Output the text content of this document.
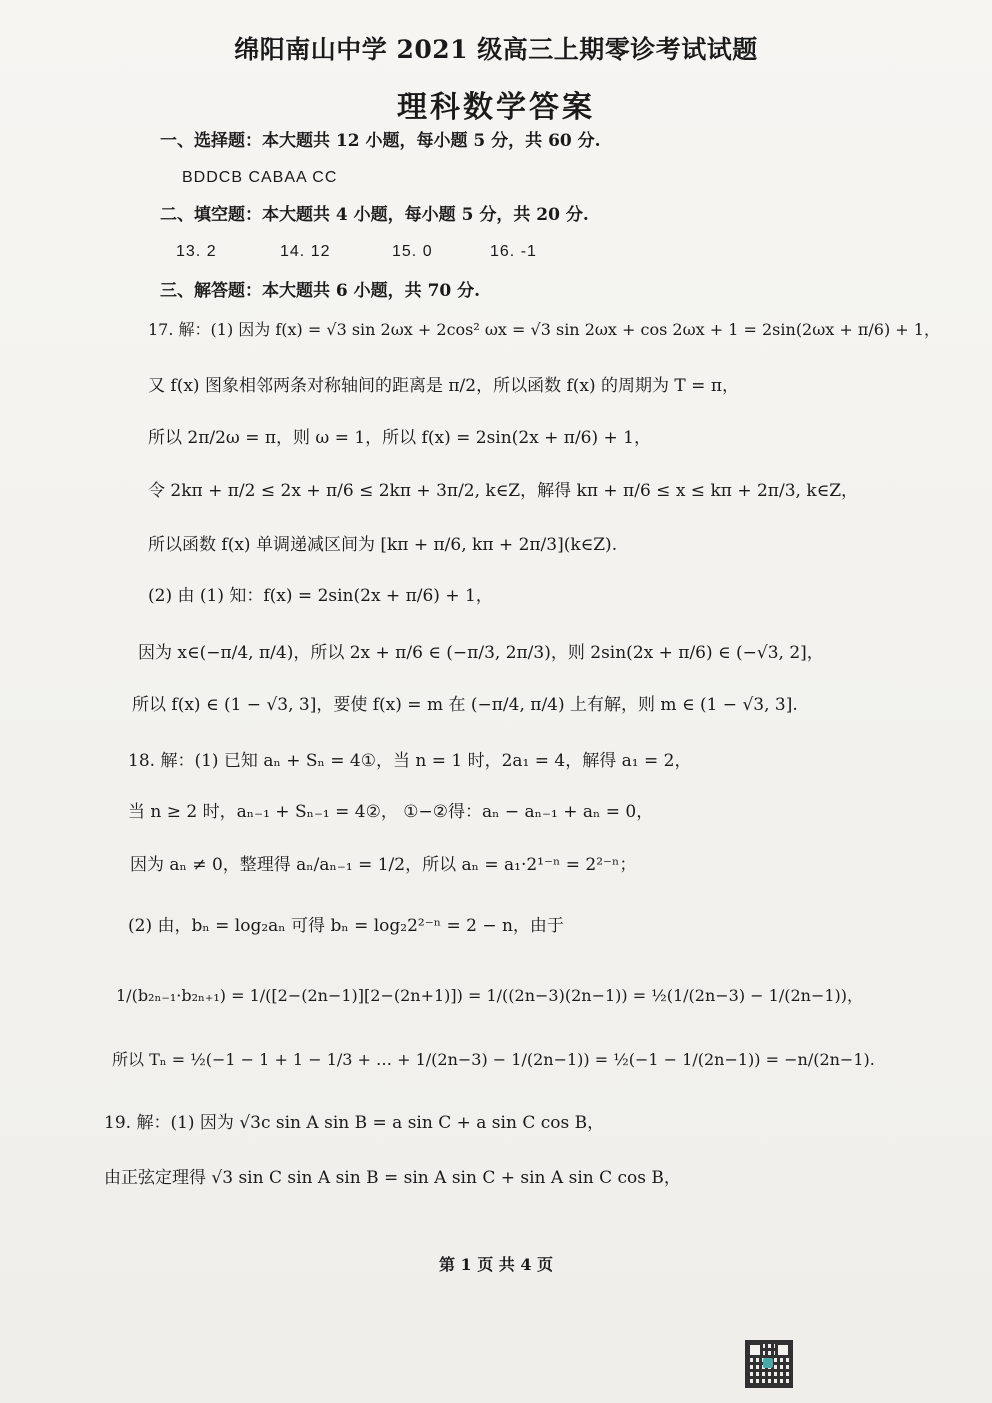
绵阳南山中学 2021 级高三上期零诊考试试题
理科数学答案
一、选择题：本大题共 12 小题，每小题 5 分，共 60 分.
BDDCB CABAA CC
二、填空题：本大题共 4 小题，每小题 5 分，共 20 分.
13. 2	14. 12	15. 0	16. -1
三、解答题：本大题共 6 小题，共 70 分.
17. 解：(1) 因为 f(x) = √3 sin 2ωx + 2cos² ωx = √3 sin 2ωx + cos 2ωx + 1 = 2sin(2ωx + π/6) + 1，
又 f(x) 图象相邻两条对称轴间的距离是 π/2，所以函数 f(x) 的周期为 T = π，
所以 2π/2ω = π，则 ω = 1，所以 f(x) = 2sin(2x + π/6) + 1，
令 2kπ + π/2 ≤ 2x + π/6 ≤ 2kπ + 3π/2, k∈Z，解得 kπ + π/6 ≤ x ≤ kπ + 2π/3, k∈Z，
所以函数 f(x) 单调递减区间为 [kπ + π/6, kπ + 2π/3](k∈Z).
(2) 由 (1) 知：f(x) = 2sin(2x + π/6) + 1，
因为 x∈(−π/4, π/4)，所以 2x + π/6 ∈ (−π/3, 2π/3)，则 2sin(2x + π/6) ∈ (−√3, 2]，
所以 f(x) ∈ (1 − √3, 3]，要使 f(x) = m 在 (−π/4, π/4) 上有解，则 m ∈ (1 − √3, 3].
18. 解：(1) 已知 aₙ + Sₙ = 4①，当 n = 1 时，2a₁ = 4，解得 a₁ = 2，
当 n ≥ 2 时，aₙ₋₁ + Sₙ₋₁ = 4②， ①−②得：aₙ − aₙ₋₁ + aₙ = 0，
因为 aₙ ≠ 0，整理得 aₙ/aₙ₋₁ = 1/2，所以 aₙ = a₁·2¹⁻ⁿ = 2²⁻ⁿ；
(2) 由，bₙ = log₂aₙ 可得 bₙ = log₂2²⁻ⁿ = 2 − n，由于
1/(b₂ₙ₋₁·b₂ₙ₊₁) = 1/([2−(2n−1)][2−(2n+1)]) = 1/((2n−3)(2n−1)) = ½(1/(2n−3) − 1/(2n−1))，
所以 Tₙ = ½(−1 − 1 + 1 − 1/3 + … + 1/(2n−3) − 1/(2n−1)) = ½(−1 − 1/(2n−1)) = −n/(2n−1).
19. 解：(1) 因为 √3c sin A sin B = a sin C + a sin C cos B，
由正弦定理得 √3 sin C sin A sin B = sin A sin C + sin A sin C cos B，
第 1 页 共 4 页
